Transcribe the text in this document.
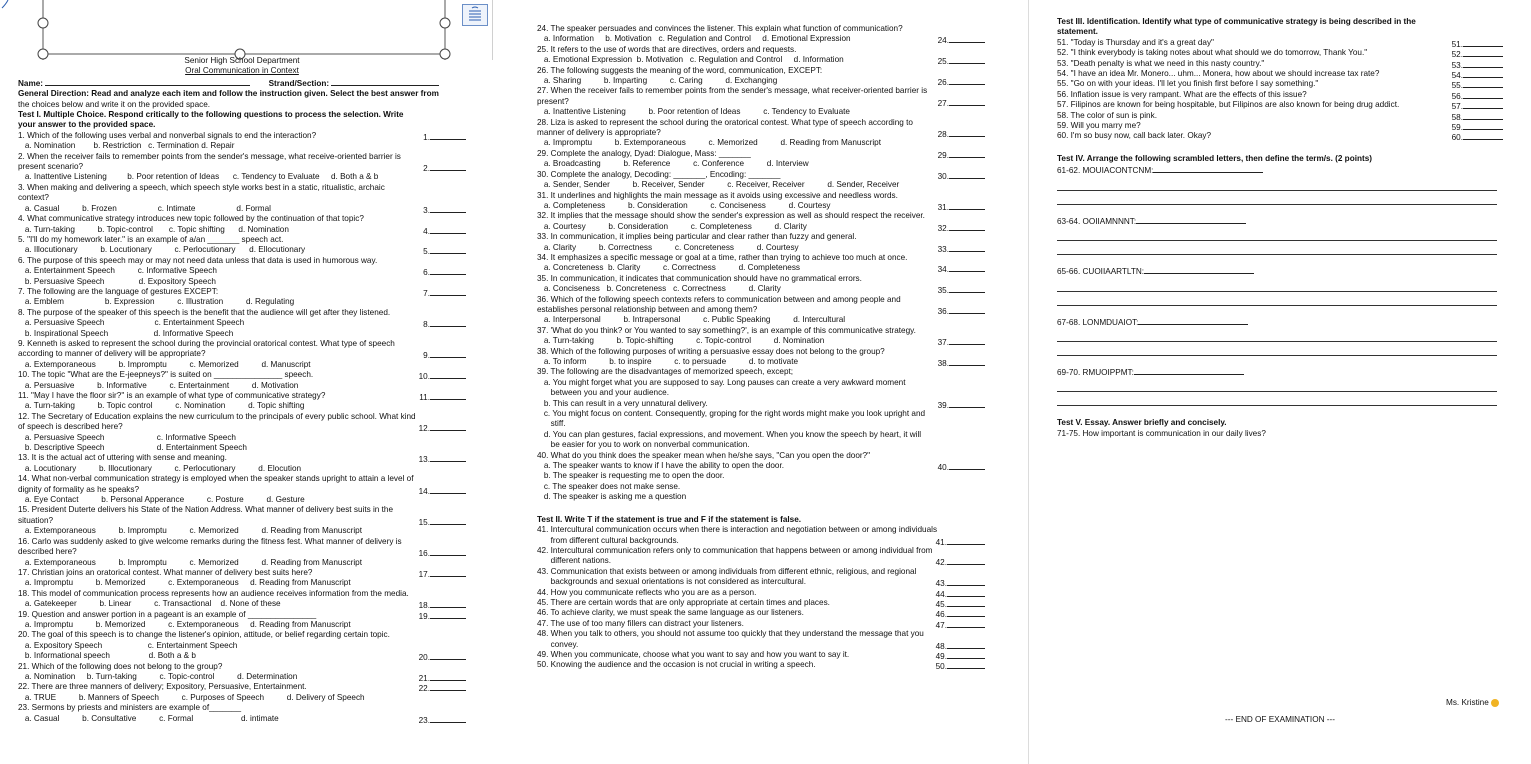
Senior High School Department
Oral Communication in Context
Name:	Strand/Section:
General Direction: Read and analyze each item and follow the instruction given. Select the best answer from
the choices below and write it on the provided space.
Test I. Multiple Choice. Respond critically to the following questions to process the selection. Write
your answer to the provided space.
1. Which of the following uses verbal and nonverbal signals to end the interaction?	1.
a. Nomination        b. Restriction   c. Termination d. Repair
2. When the receiver fails to remember points from the sender's message, what receive-oriented barrier is
present scenario?	2.
a. Inattentive Listening         b. Poor retention of Ideas      c. Tendency to Evaluate     d. Both a & b
3. When making and delivering a speech, which speech style works best in a static, ritualistic, archaic
context?
a. Casual          b. Frozen                  c. Intimate                  d. Formal	3.
4. What communicative strategy introduces new topic followed by the continuation of that topic?
a. Turn-taking          b. Topic-control       c. Topic shifting      d. Nomination	4.
5. "I'll do my homework later." is an example of a/an _______ speech act.
a. Illocutionary          b. Locutionary          c. Perlocutionary      d. Ellocutionary	5.
6. The purpose of this speech may or may not need data unless that data is used in humorous way.
a. Entertainment Speech          c. Informative Speech	6.
b. Persuasive Speech               d. Expository Speech
7. The following are the language of gestures EXCEPT:	7.
a. Emblem                  b. Expression          c. Illustration          d. Regulating
8. The purpose of the speaker of this speech is the benefit that the audience will get after they listened.
a. Persuasive Speech                      c. Entertainment Speech	8.
b. Inspirational Speech                    d. Informative Speech
9. Kenneth is asked to represent the school during the provincial oratorical contest. What type of speech
according to manner of delivery will be appropriate?	9.
a. Extemporaneous          b. Impromptu          c. Memorized          d. Manuscript
10. The topic "What are the E-jeepneys?" is suited on _______________ speech.	10.
a. Persuasive          b. Informative          c. Entertainment          d. Motivation
11. "May I have the floor sir?" is an example of what type of communicative strategy?	11.
a. Turn-taking          b. Topic control          c. Nomination          d. Topic shifting
12. The Secretary of Education explains the new curriculum to the principals of every public school. What kind
of speech is described here?	12.
a. Persuasive Speech                       c. Informative Speech
b. Descriptive Speech                       d. Entertainment Speech
13. It is the actual act of uttering with sense and meaning.	13.
a. Locutionary          b. Illocutionary          c. Perlocutionary          d. Elocution
14. What non-verbal communication strategy is employed when the speaker stands upright to attain a level of
dignity of formality as he speaks?	14.
a. Eye Contact          b. Personal Apperance          c. Posture          d. Gesture
15. President Duterte delivers his State of the Nation Address. What manner of delivery best suits in the
situation?	15.
a. Extemporaneous          b. Impromptu          c. Memorized          d. Reading from Manuscript
16. Carlo was suddenly asked to give welcome remarks during the fitness fest. What manner of delivery is
described here?	16.
a. Extemporaneous          b. Impromptu          c. Memorized          d. Reading from Manuscript
17. Christian joins an oratorical contest. What manner of delivery best suits here?	17.
a. Impromptu          b. Memorized          c. Extemporaneous     d. Reading from Manuscript
18. This model of communication process represents how an audience receives information from the media.
a. Gatekeeper          b. Linear          c. Transactional    d. None of these	18.
19. Question and answer portion in a pageant is an example of _______________	19.
a. Impromptu          b. Memorized          c. Extemporaneous     d. Reading from Manuscript
20. The goal of this speech is to change the listener's opinion, attitude, or belief regarding certain topic.
a. Expository Speech                    c. Entertainment Speech
b. Informational speech                 d. Both a & b	20.
21. Which of the following does not belong to the group?
a. Nomination     b. Turn-taking          c. Topic-control          d. Determination	21.
22. There are three manners of delivery; Expository, Persuasive, Entertainment.	22.
a. TRUE          b. Manners of Speech          c. Purposes of Speech          d. Delivery of Speech
23. Sermons by priests and ministers are example of_______
a. Casual          b. Consultative          c. Formal                     d. intimate	23.
24. The speaker persuades and convinces the listener. This explain what function of communication?
a. Information     b. Motivation   c. Regulation and Control     d. Emotional Expression	24.
25. It refers to the use of words that are directives, orders and requests.
a. Emotional Expression  b. Motivation   c. Regulation and Control     d. Information	25.
26. The following suggests the meaning of the word, communication, EXCEPT:
a. Sharing          b. Imparting          c. Caring          d. Exchanging	26.
27. When the receiver fails to remember points from the sender's message, what receiver-oriented barrier is
present?	27.
a. Inattentive Listening          b. Poor retention of Ideas          c. Tendency to Evaluate
28. Liza is asked to represent the school during the oratorical contest. What type of speech according to
manner of delivery is appropriate?	28.
a. Impromptu          b. Extemporaneous          c. Memorized          d. Reading from Manuscript
29. Complete the analogy, Dyad: Dialogue, Mass: _______	29.
a. Broadcasting          b. Reference          c. Conference          d. Interview
30. Complete the analogy, Decoding: _______, Encoding: _______	30.
a. Sender, Sender          b. Receiver, Sender          c. Receiver, Receiver          d. Sender, Receiver
31. It underlines and highlights the main message as it avoids using excessive and needless words.
a. Completeness          b. Consideration          c. Conciseness          d. Courtesy	31.
32. It implies that the message should show the sender's expression as well as should respect the receiver.
a. Courtesy          b. Consideration          c. Completeness          d. Clarity	32.
33. In communication, it implies being particular and clear rather than fuzzy and general.
a. Clarity          b. Correctness          c. Concreteness          d. Courtesy	33.
34. It emphasizes a specific message or goal at a time, rather than trying to achieve too much at once.
a. Concreteness  b. Clarity          c. Correctness          d. Completeness	34.
35. In communication, it indicates that communication should have no grammatical errors.
a. Conciseness   b. Concreteness   c. Correctness          d. Clarity	35.
36. Which of the following speech contexts refers to communication between and among people and
establishes personal relationship between and among them?	36.
a. Interpersonal          b. Intrapersonal          c. Public Speaking          d. Intercultural
37. 'What do you think? or You wanted to say something?', is an example of this communicative strategy.
a. Turn-taking          b. Topic-shifting          c. Topic-control          d. Nomination	37.
38. Which of the following purposes of writing a persuasive essay does not belong to the group?
a. To inform          b. to inspire          c. to persuade          d. to motivate	38.
39. The following are the disadvantages of memorized speech, except;
a. You might forget what you are supposed to say. Long pauses can create a very awkward moment
between you and your audience.
b. This can result in a very unnatural delivery.	39.
c. You might focus on content. Consequently, groping for the right words might make you look upright and
stiff.
d. You can plan gestures, facial expressions, and movement. When you know the speech by heart, it will
be easier for you to work on nonverbal communication.
40. What do you think does the speaker mean when he/she says, "Can you open the door?"
a. The speaker wants to know if I have the ability to open the door.	40.
b. The speaker is requesting me to open the door.
c. The speaker does not make sense.
d. The speaker is asking me a question
Test II. Write T if the statement is true and F if the statement is false.
41. Intercultural communication occurs when there is interaction and negotiation between or among individuals
from different cultural backgrounds.	41.
42. Intercultural communication refers only to communication that happens between or among individual from
different nations.	42.
43. Communication that exists between or among individuals from different ethnic, religious, and regional
backgrounds and sexual orientations is not considered as intercultural.	43.
44. How you communicate reflects who you are as a person.	44.
45. There are certain words that are only appropriate at certain times and places.	45.
46. To achieve clarity, we must speak the same language as our listeners.	46.
47. The use of too many fillers can distract your listeners.	47.
48. When you talk to others, you should not assume too quickly that they understand the message that you
convey.	48.
49. When you communicate, choose what you want to say and how you want to say it.	49.
50. Knowing the audience and the occasion is not crucial in writing a speech.	50.
Test III. Identification. Identify what type of communicative strategy is being described in the
statement.
51. "Today is Thursday and it's a great day"	51.
52. "I think everybody is taking notes about what should we do tomorrow, Thank You."	52.
53. "Death penalty is what we need in this nasty country."	53.
54. "I have an idea Mr. Monero... uhm... Monera, how about we should increase tax rate?	54.
55. "Go on with your ideas. I'll let you finish first before I say something."	55.
56. Inflation issue is very rampant. What are the effects of this issue?	56.
57. Filipinos are known for being hospitable, but Filipinos are also known for being drug addict.	57.
58. The color of sun is pink.	58.
59. Will you marry me?	59.
60. I'm so busy now, call back later. Okay?	60.
Test IV. Arrange the following scrambled letters, then define the term/s. (2 points)
61-62. MOUIACONTCNM:
63-64. OOIIAMNNNT:
65-66. CUOIIAARTLTN:
67-68. LONMDUAIOT:
69-70. RMUOIPPMT:
Test V. Essay. Answer briefly and concisely.
71-75. How important is communication in our daily lives?
--- END OF EXAMINATION ---
Ms. Kristine
